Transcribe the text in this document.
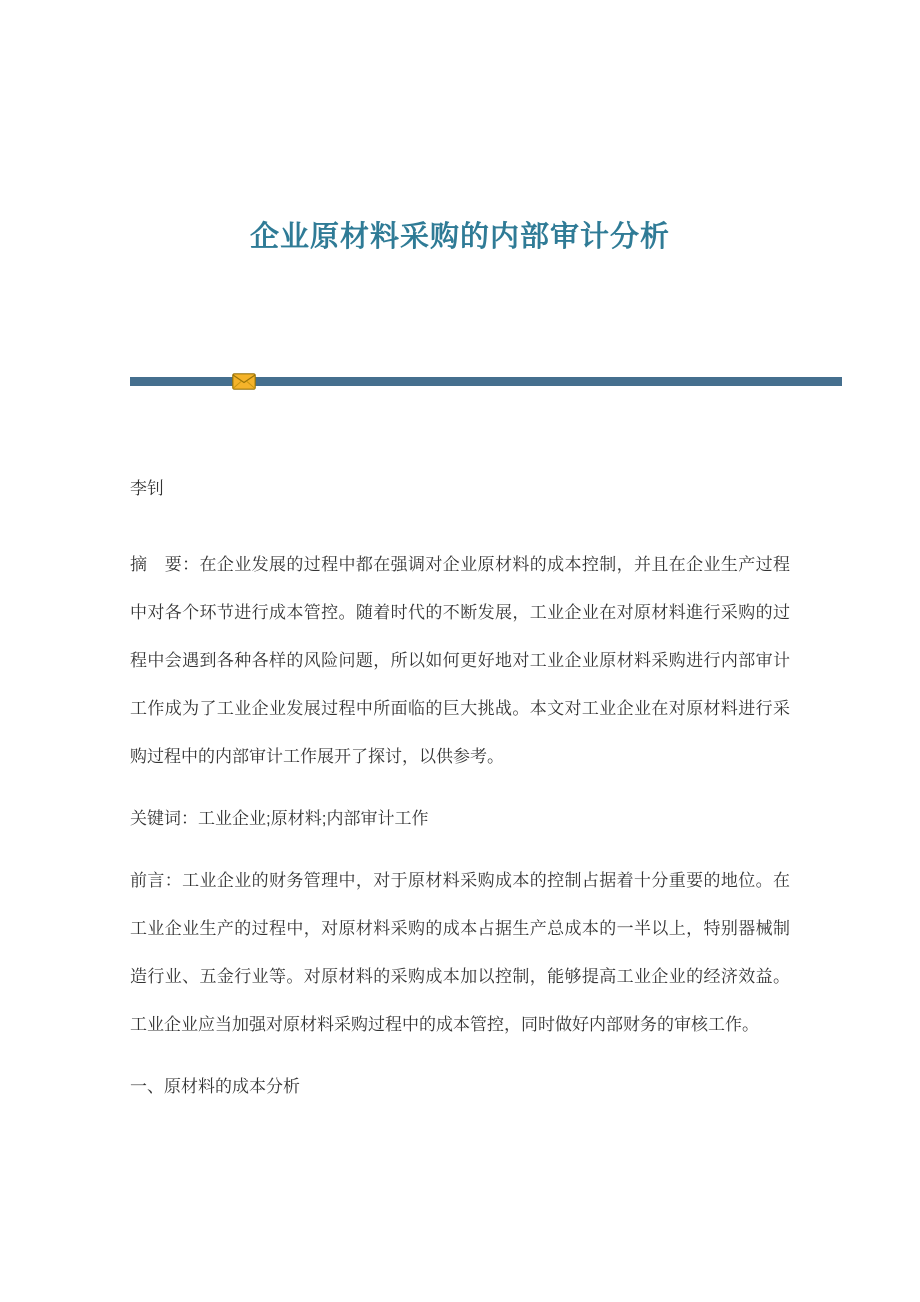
企业原材料采购的内部审计分析
李钊

摘　要：在企业发展的过程中都在强调对企业原材料的成本控制，并且在企业生产过程中对各个环节进行成本管控。随着时代的不断发展，工业企业在对原材料進行采购的过程中会遇到各种各样的风险问题，所以如何更好地对工业企业原材料采购进行内部审计工作成为了工业企业发展过程中所面临的巨大挑战。本文对工业企业在对原材料进行采购过程中的内部审计工作展开了探讨，以供参考。

关键词：工业企业;原材料;内部审计工作

前言：工业企业的财务管理中，对于原材料采购成本的控制占据着十分重要的地位。在工业企业生产的过程中，对原材料采购的成本占据生产总成本的一半以上，特别器械制造行业、五金行业等。对原材料的采购成本加以控制，能够提高工业企业的经济效益。工业企业应当加强对原材料采购过程中的成本管控，同时做好内部财务的审核工作。

一、原材料的成本分析
